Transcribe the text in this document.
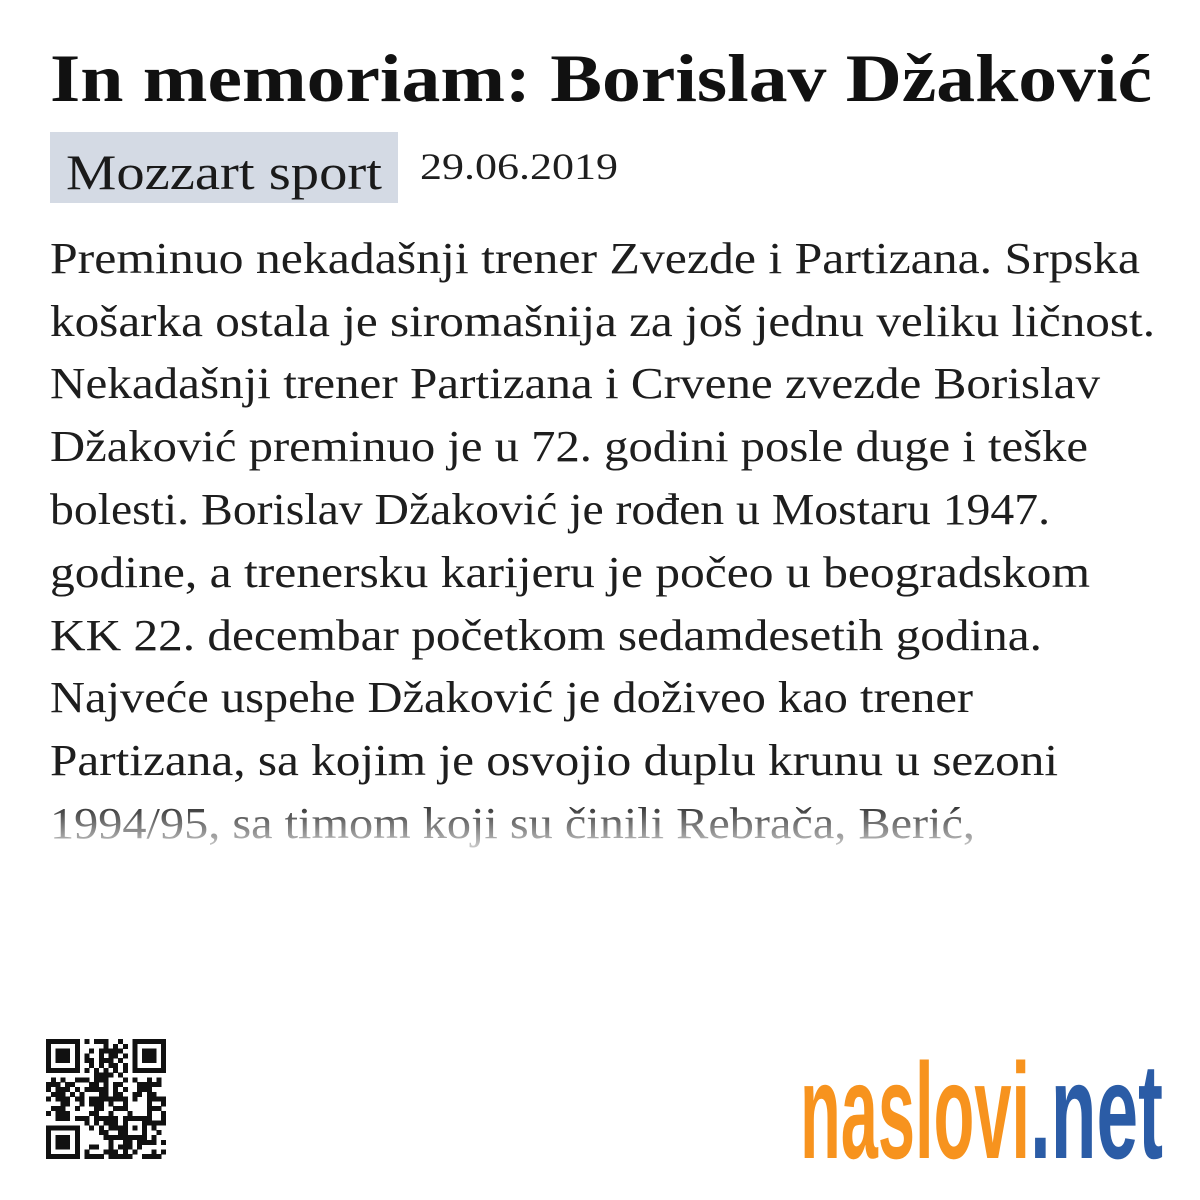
In memoriam: Borislav Džaković
Mozzart sport 29.06.2019
Preminuo nekadašnji trener Zvezde i Partizana. Srpska
košarka ostala je siromašnija za još jednu veliku ličnost.
Nekadašnji trener Partizana i Crvene zvezde Borislav
Džaković preminuo je u 72. godini posle duge i teške
bolesti. Borislav Džaković je rođen u Mostaru 1947.
godine, a trenersku karijeru je počeo u beogradskom
KK 22. decembar početkom sedamdesetih godina.
Najveće uspehe Džaković je doživeo kao trener
Partizana, sa kojim je osvojio duplu krunu u sezoni
1994/95, sa timom koji su činili Rebrača, Berić,
naslovi .net
